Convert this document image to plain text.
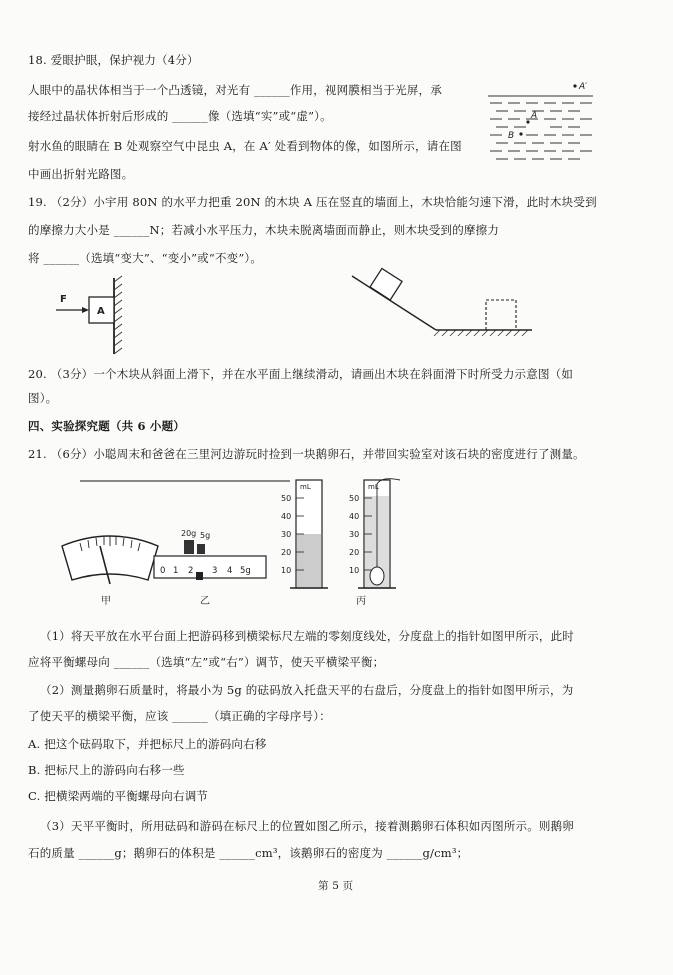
18. 爱眼护眼，保护视力（4分）
人眼中的晶状体相当于一个凸透镜，对光有 ______作用，视网膜相当于光屏，承
接经过晶状体折射后形成的 ______像（选填“实”或“虚”）。
射水鱼的眼睛在 B 处观察空气中昆虫 A，在 A′ 处看到物体的像，如图所示，请在图
中画出折射光路图。
A′
A
B
19. （2分）小宇用 80N 的水平力把重 20N 的木块 A 压在竖直的墙面上，木块恰能匀速下滑，此时木块受到
的摩擦力大小是 ______N；若减小水平压力，木块未脱离墙面而静止，则木块受到的摩擦力
将 ______（选填“变大”、“变小”或“不变”）。
A
F
20. （3分）一个木块从斜面上滑下，并在水平面上继续滑动，请画出木块在斜面滑下时所受力示意图（如
图）。
四、实验探究题（共 6 小题）
21. （6分）小聪周末和爸爸在三里河边游玩时捡到一块鹅卵石，并带回实验室对该石块的密度进行了测量。
甲
20g 5g
0 1 2 3 4 5g
乙
mL
50
40
30
20
10
mL
50
40
30
20
10
丙
（1）将天平放在水平台面上把游码移到横梁标尺左端的零刻度线处，分度盘上的指针如图甲所示，此时
应将平衡螺母向 ______（选填“左”或“右”）调节，使天平横梁平衡；
（2）测量鹅卵石质量时，将最小为 5g 的砝码放入托盘天平的右盘后，分度盘上的指针如图甲所示，为
了使天平的横梁平衡，应该 ______（填正确的字母序号）：
A. 把这个砝码取下，并把标尺上的游码向右移
B. 把标尺上的游码向右移一些
C. 把横梁两端的平衡螺母向右调节
（3）天平平衡时，所用砝码和游码在标尺上的位置如图乙所示，接着测鹅卵石体积如丙图所示。则鹅卵
石的质量 ______g；鹅卵石的体积是 ______cm³，该鹅卵石的密度为 ______g/cm³；
第 5 页
